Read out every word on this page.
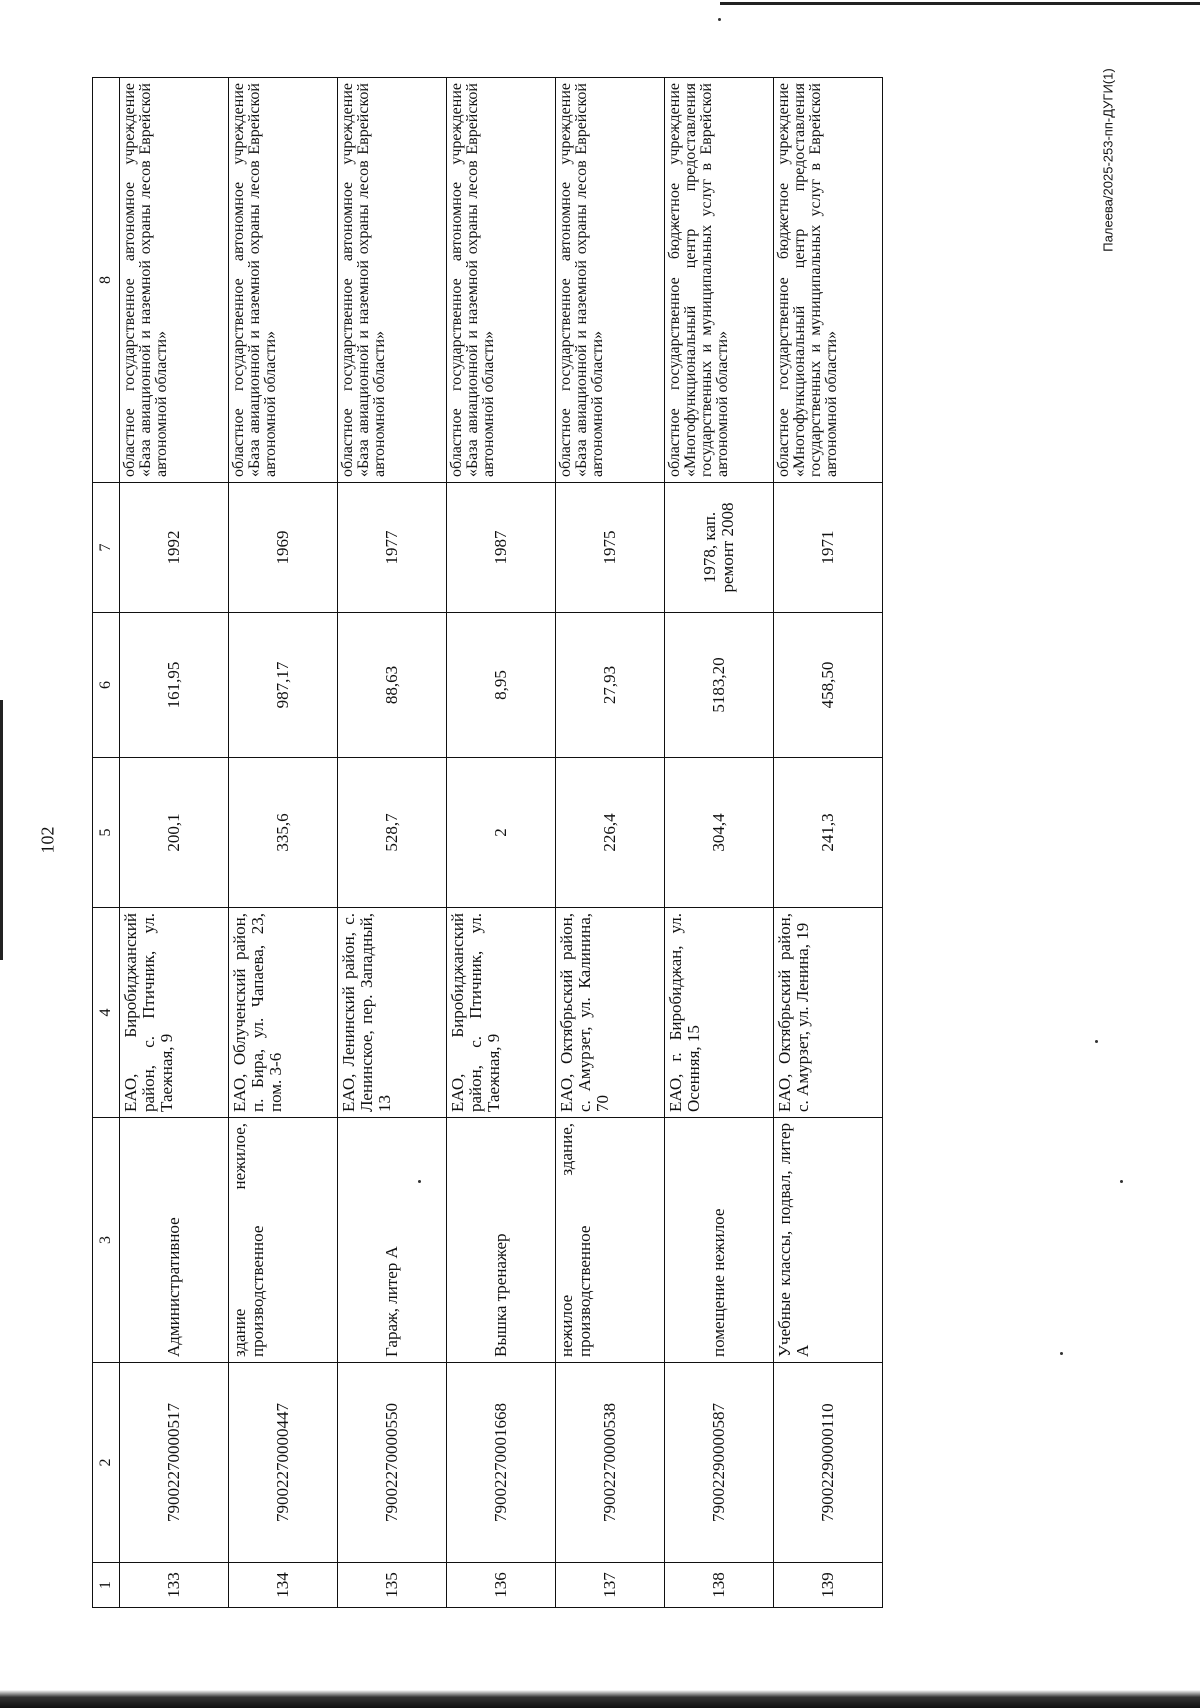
102
Палеева/2025-253-пп-ДУГИ(1)
1	2	3	4	5	6	7	8
133	79002270000517	Административное	ЕАО, Биробиджанский район, с. Птичник, ул. Таежная, 9	200,1	161,95	1992	областное государственное автономное учреждение «База авиационной и наземной охраны лесов Еврейской автономной области»
134	79002270000447	здание нежилое, производственное	ЕАО, Облученский район, п. Бира, ул. Чапаева, 23, пом. 3-6	335,6	987,17	1969	областное государственное автономное учреждение «База авиационной и наземной охраны лесов Еврейской автономной области»
135	79002270000550	Гараж, литер А	ЕАО, Ленинский район, с. Ленинское, пер. Западный, 13	528,7	88,63	1977	областное государственное автономное учреждение «База авиационной и наземной охраны лесов Еврейской автономной области»
136	79002270001668	Вышка тренажер	ЕАО, Биробиджанский район, с. Птичник, ул. Таежная, 9	2	8,95	1987	областное государственное автономное учреждение «База авиационной и наземной охраны лесов Еврейской автономной области»
137	79002270000538	нежилое здание, производственное	ЕАО, Октябрьский район, с. Амурзет, ул. Калинина, 70	226,4	27,93	1975	областное государственное автономное учреждение «База авиационной и наземной охраны лесов Еврейской автономной области»
138	79002290000587	помещение нежилое	ЕАО, г. Биробиджан, ул. Осенняя, 15	304,4	5183,20	1978, кап. ремонт 2008	областное государственное бюджетное учреждение «Многофункциональный центр предоставления государственных и муниципальных услуг в Еврейской автономной области»
139	79002290000110	Учебные классы, подвал, литер А	ЕАО, Октябрьский район, с. Амурзет, ул. Ленина, 19	241,3	458,50	1971	областное государственное бюджетное учреждение «Многофункциональный центр предоставления государственных и муниципальных услуг в Еврейской автономной области»
